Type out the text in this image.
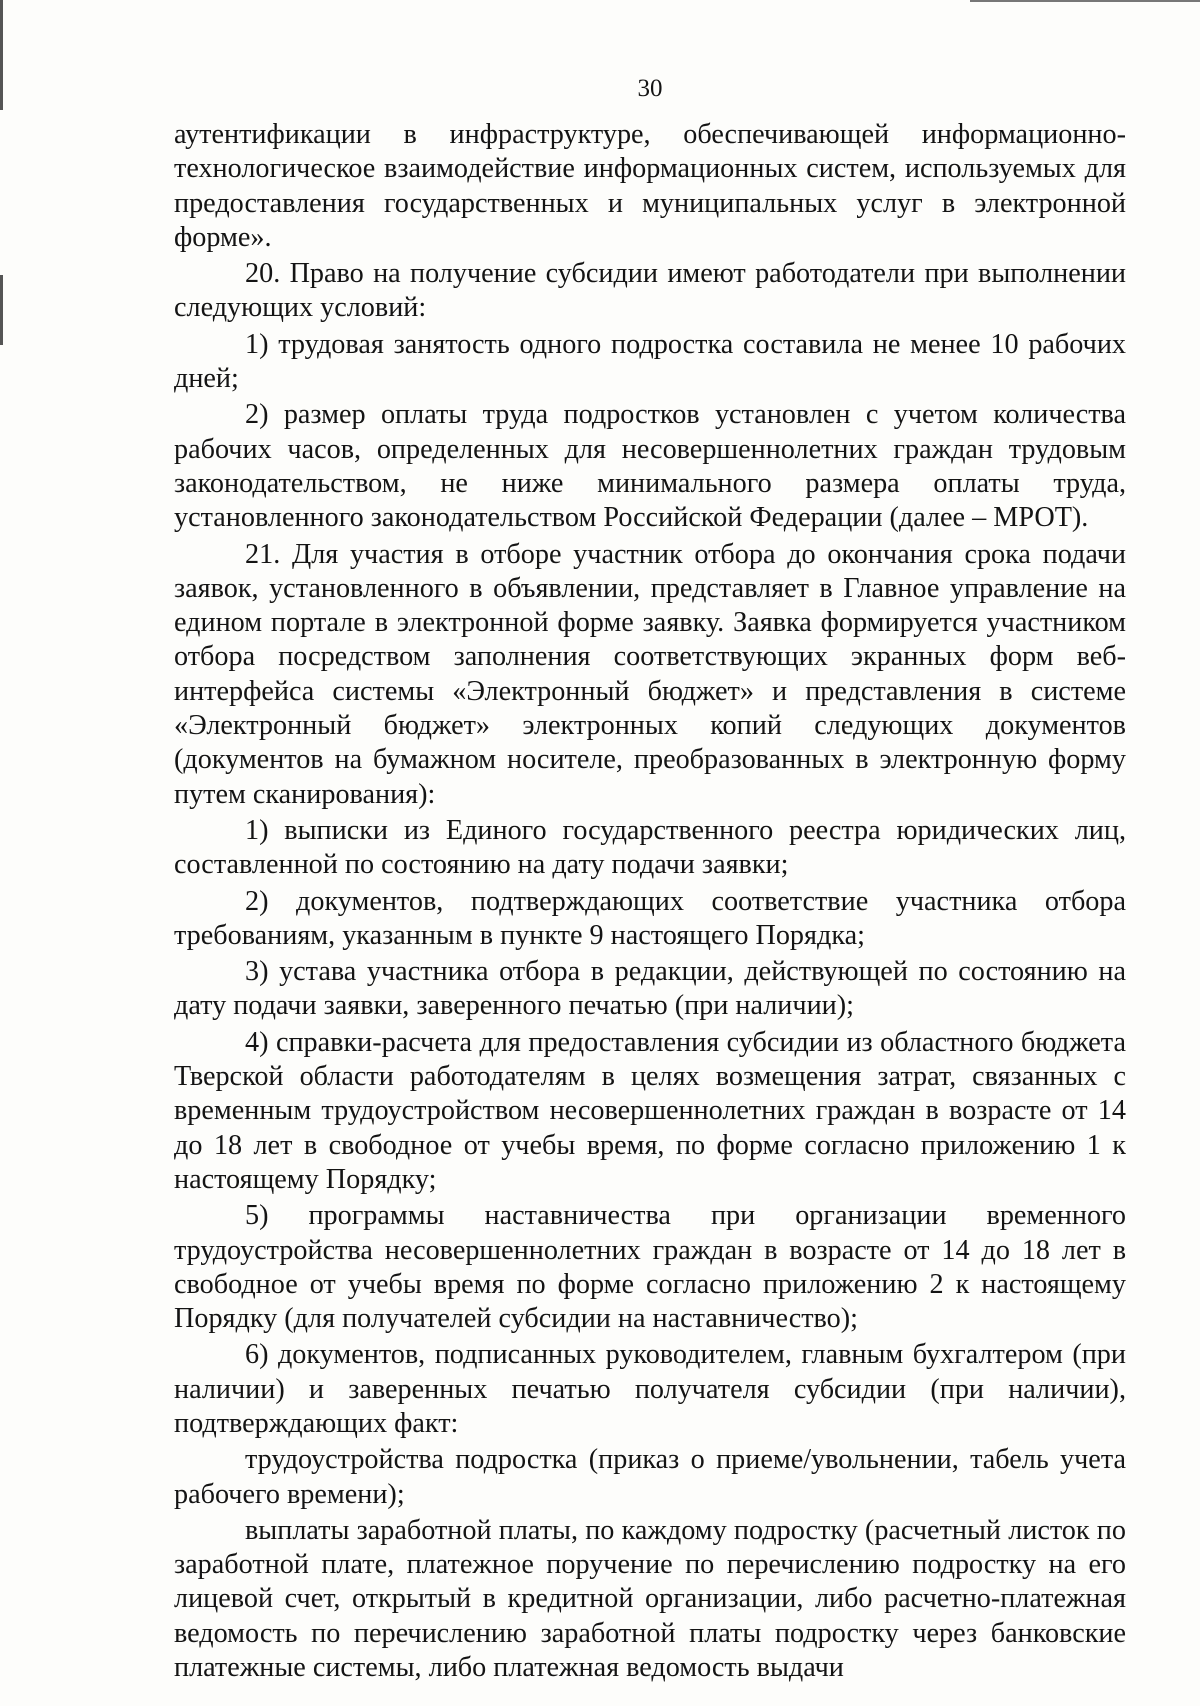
30

аутентификации в инфраструктуре, обеспечивающей информационно-технологическое взаимодействие информационных систем, используемых для предоставления государственных и муниципальных услуг в электронной форме».

20. Право на получение субсидии имеют работодатели при выполнении следующих условий:

1) трудовая занятость одного подростка составила не менее 10 рабочих дней;

2) размер оплаты труда подростков установлен с учетом количества рабочих часов, определенных для несовершеннолетних граждан трудовым законодательством, не ниже минимального размера оплаты труда, установленного законодательством Российской Федерации (далее – МРОТ).

21. Для участия в отборе участник отбора до окончания срока подачи заявок, установленного в объявлении, представляет в Главное управление на едином портале в электронной форме заявку. Заявка формируется участником отбора посредством заполнения соответствующих экранных форм веб-интерфейса системы «Электронный бюджет» и представления в системе «Электронный бюджет» электронных копий следующих документов (документов на бумажном носителе, преобразованных в электронную форму путем сканирования):

1) выписки из Единого государственного реестра юридических лиц, составленной по состоянию на дату подачи заявки;

2) документов, подтверждающих соответствие участника отбора требованиям, указанным в пункте 9 настоящего Порядка;

3) устава участника отбора в редакции, действующей по состоянию на дату подачи заявки, заверенного печатью (при наличии);

4) справки-расчета для предоставления субсидии из областного бюджета Тверской области работодателям в целях возмещения затрат, связанных с временным трудоустройством несовершеннолетних граждан в возрасте от 14 до 18 лет в свободное от учебы время, по форме согласно приложению 1 к настоящему Порядку;

5) программы наставничества при организации временного трудоустройства несовершеннолетних граждан в возрасте от 14 до 18 лет в свободное от учебы время по форме согласно приложению 2 к настоящему Порядку (для получателей субсидии на наставничество);

6) документов, подписанных руководителем, главным бухгалтером (при наличии) и заверенных печатью получателя субсидии (при наличии), подтверждающих факт:

трудоустройства подростка (приказ о приеме/увольнении, табель учета рабочего времени);

выплаты заработной платы, по каждому подростку (расчетный листок по заработной плате, платежное поручение по перечислению подростку на его лицевой счет, открытый в кредитной организации, либо расчетно-платежная ведомость по перечислению заработной платы подростку через банковские платежные системы, либо платежная ведомость выдачи
